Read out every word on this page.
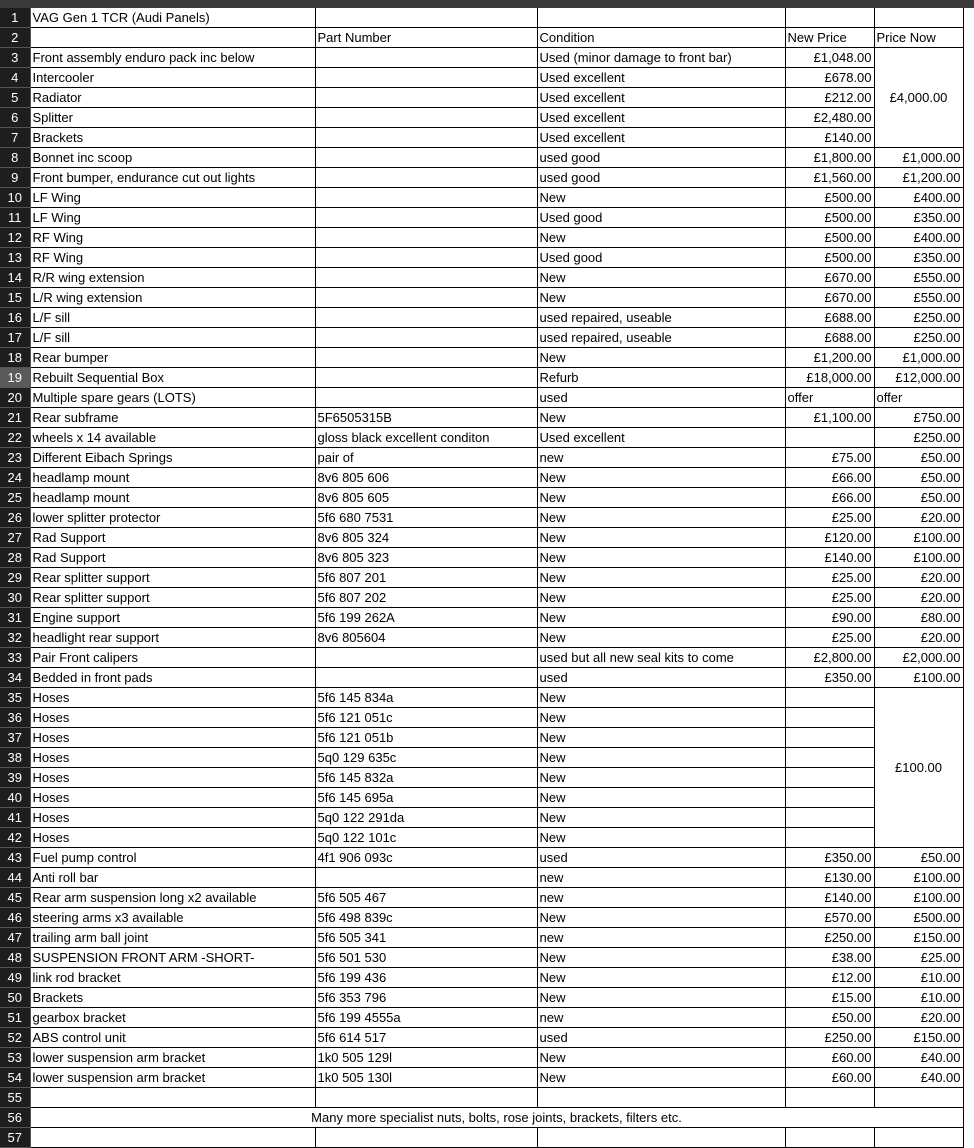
1	VAG Gen 1 TCR (Audi Panels)				
2		Part Number	Condition	New Price	Price Now
3	Front assembly enduro pack inc below		Used (minor damage to front bar)	£1,048.00	£4,000.00
4	Intercooler		Used excellent	£678.00	
5	Radiator		Used excellent	£212.00	
6	Splitter		Used excellent	£2,480.00	
7	Brackets		Used excellent	£140.00	
8	Bonnet inc scoop		used good	£1,800.00	£1,000.00
9	Front bumper, endurance cut out lights		used good	£1,560.00	£1,200.00
10	LF Wing		New	£500.00	£400.00
11	LF Wing		Used good	£500.00	£350.00
12	RF Wing		New	£500.00	£400.00
13	RF Wing		Used good	£500.00	£350.00
14	R/R wing extension		New	£670.00	£550.00
15	L/R wing extension		New	£670.00	£550.00
16	L/F sill		used repaired, useable	£688.00	£250.00
17	L/F sill		used repaired, useable	£688.00	£250.00
18	Rear bumper		New	£1,200.00	£1,000.00
19	Rebuilt Sequential Box		Refurb	£18,000.00	£12,000.00
20	Multiple spare gears (LOTS)		used	offer	offer
21	Rear subframe	5F6505315B	New	£1,100.00	£750.00
22	wheels x 14 available	gloss black excellent conditon	Used excellent		£250.00
23	Different Eibach Springs	pair of	new	£75.00	£50.00
24	headlamp mount	8v6 805 606	New	£66.00	£50.00
25	headlamp mount	8v6 805 605	New	£66.00	£50.00
26	lower splitter protector	5f6 680 7531	New	£25.00	£20.00
27	Rad Support	8v6 805 324	New	£120.00	£100.00
28	Rad Support	8v6 805 323	New	£140.00	£100.00
29	Rear splitter support	5f6 807 201	New	£25.00	£20.00
30	Rear splitter support	5f6 807 202	New	£25.00	£20.00
31	Engine support	5f6 199 262A	New	£90.00	£80.00
32	headlight rear support	8v6 805604	New	£25.00	£20.00
33	Pair Front calipers		used but all new seal kits to come	£2,800.00	£2,000.00
34	Bedded in front pads		used	£350.00	£100.00
35	Hoses	5f6 145 834a	New		£100.00
36	Hoses	5f6 121 051c	New		
37	Hoses	5f6 121 051b	New		
38	Hoses	5q0 129 635c	New		
39	Hoses	5f6 145 832a	New		
40	Hoses	5f6 145 695a	New		
41	Hoses	5q0 122 291da	New		
42	Hoses	5q0 122 101c	New		
43	Fuel pump control	4f1 906 093c	used	£350.00	£50.00
44	Anti roll bar		new	£130.00	£100.00
45	Rear arm suspension long x2 available	5f6 505 467	new	£140.00	£100.00
46	steering arms x3 available	5f6 498 839c	New	£570.00	£500.00
47	trailing arm ball joint	5f6 505 341	new	£250.00	£150.00
48	SUSPENSION FRONT ARM -SHORT-	5f6 501 530	New	£38.00	£25.00
49	link rod bracket	5f6 199 436	New	£12.00	£10.00
50	Brackets	5f6 353 796	New	£15.00	£10.00
51	gearbox bracket	5f6 199 4555a	new	£50.00	£20.00
52	ABS control unit	5f6 614 517	used	£250.00	£150.00
53	lower suspension arm bracket	1k0 505 129l	New	£60.00	£40.00
54	lower suspension arm bracket	1k0 505 130l	New	£60.00	£40.00
55					
56	Many more specialist nuts, bolts, rose joints, brackets, filters etc.				
57					
